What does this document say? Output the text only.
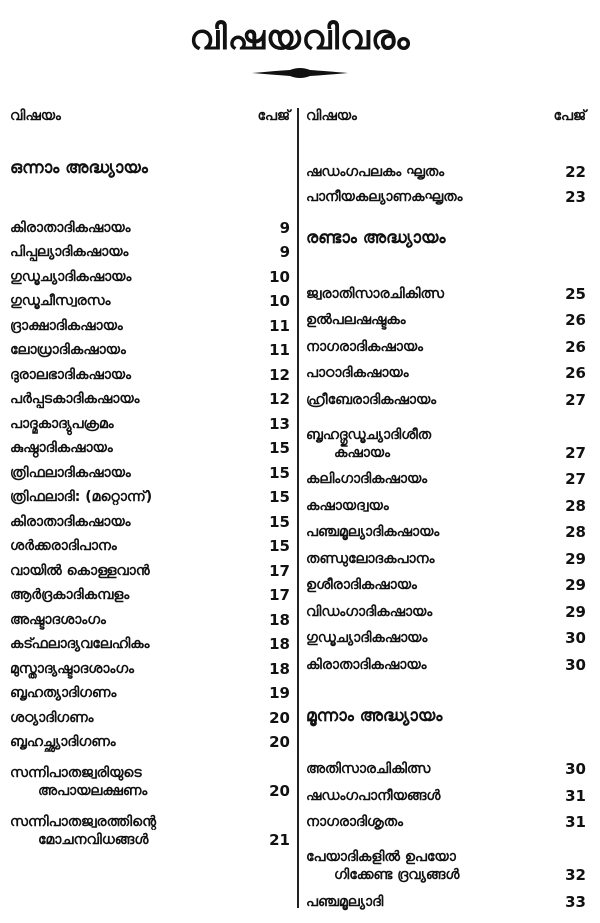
വിഷയവിവരം
വിഷയം	പേജ്
ഒന്നാം അദ്ധ്യായം
കിരാതാദികഷായം	9
പിപ്പല്യാദികഷായം	9
ഗുഡൂച്യാദികഷായം	10
ഗുഡൂചീസ്വരസം	10
ദ്രാക്ഷാദികഷായം	11
ലോധ്രാദികഷായം	11
ദുരാലഭാദികഷായം	12
പർപ്പടകാദികഷായം	12
പാദ്മകാദ്യുപക്രമം	13
കുഷ്ഠാദികഷായം	15
ത്രിഫലാദികഷായം	15
ത്രിഫലാദി: (മറ്റൊന്ന്)	15
കിരാതാദികഷായം	15
ശർക്കരാദിപാനം	15
വായിൽ കൊള്ളവാൻ	17
ആർദ്രകാദികമ്പളം	17
അഷ്ടാദശാംഗം	18
കട്ഫലാദ്യവലേഹികം	18
മുസ്താദ്യഷ്ടാദശാംഗം	18
ബൃഹത്യാദിഗണം	19
ശഠ്യാദിഗണം	20
ബൃഹച്ഛ്യാദിഗണം	20
സന്നിപാതജ്വരിയുടെ
അപായലക്ഷണം	20
സന്നിപാതജ്വരത്തിന്റെ
മോചനവിധങ്ങൾ	21
വിഷയം	പേജ്
ഷഡംഗപലകം ഘൃതം	22
പാനീയകല്യാണകഘൃതം	23
രണ്ടാം അദ്ധ്യായം
ജ്വരാതിസാരചികിത്സ	25
ഉൽപലഷഷ്ടകം	26
നാഗരാദികഷായം	26
പാഠാദികഷായം	26
ഹ്രീബേരാദികഷായം	27
ബൃഹദ്ഗുഡൂച്യാദിശീത
കഷായം	27
കലിംഗാദികഷായം	27
കഷായദ്വയം	28
പഞ്ചമൂല്യാദികഷായം	28
തണ്ഡുലോദകപാനം	29
ഉശീരാദികഷായം	29
വിഡംഗാദികഷായം	29
ഗുഡൂച്യാദികഷായം	30
കിരാതാദികഷായം	30
മൂന്നാം അദ്ധ്യായം
അതിസാരചികിത്സ	30
ഷഡംഗപാനീയങ്ങൾ	31
നാഗരാദിശൃതം	31
പേയാദികളിൽ ഉപയോ
ഗിക്കേണ്ട ദ്രവ്യങ്ങൾ	32
പഞ്ചമൂല്യാദി	33
